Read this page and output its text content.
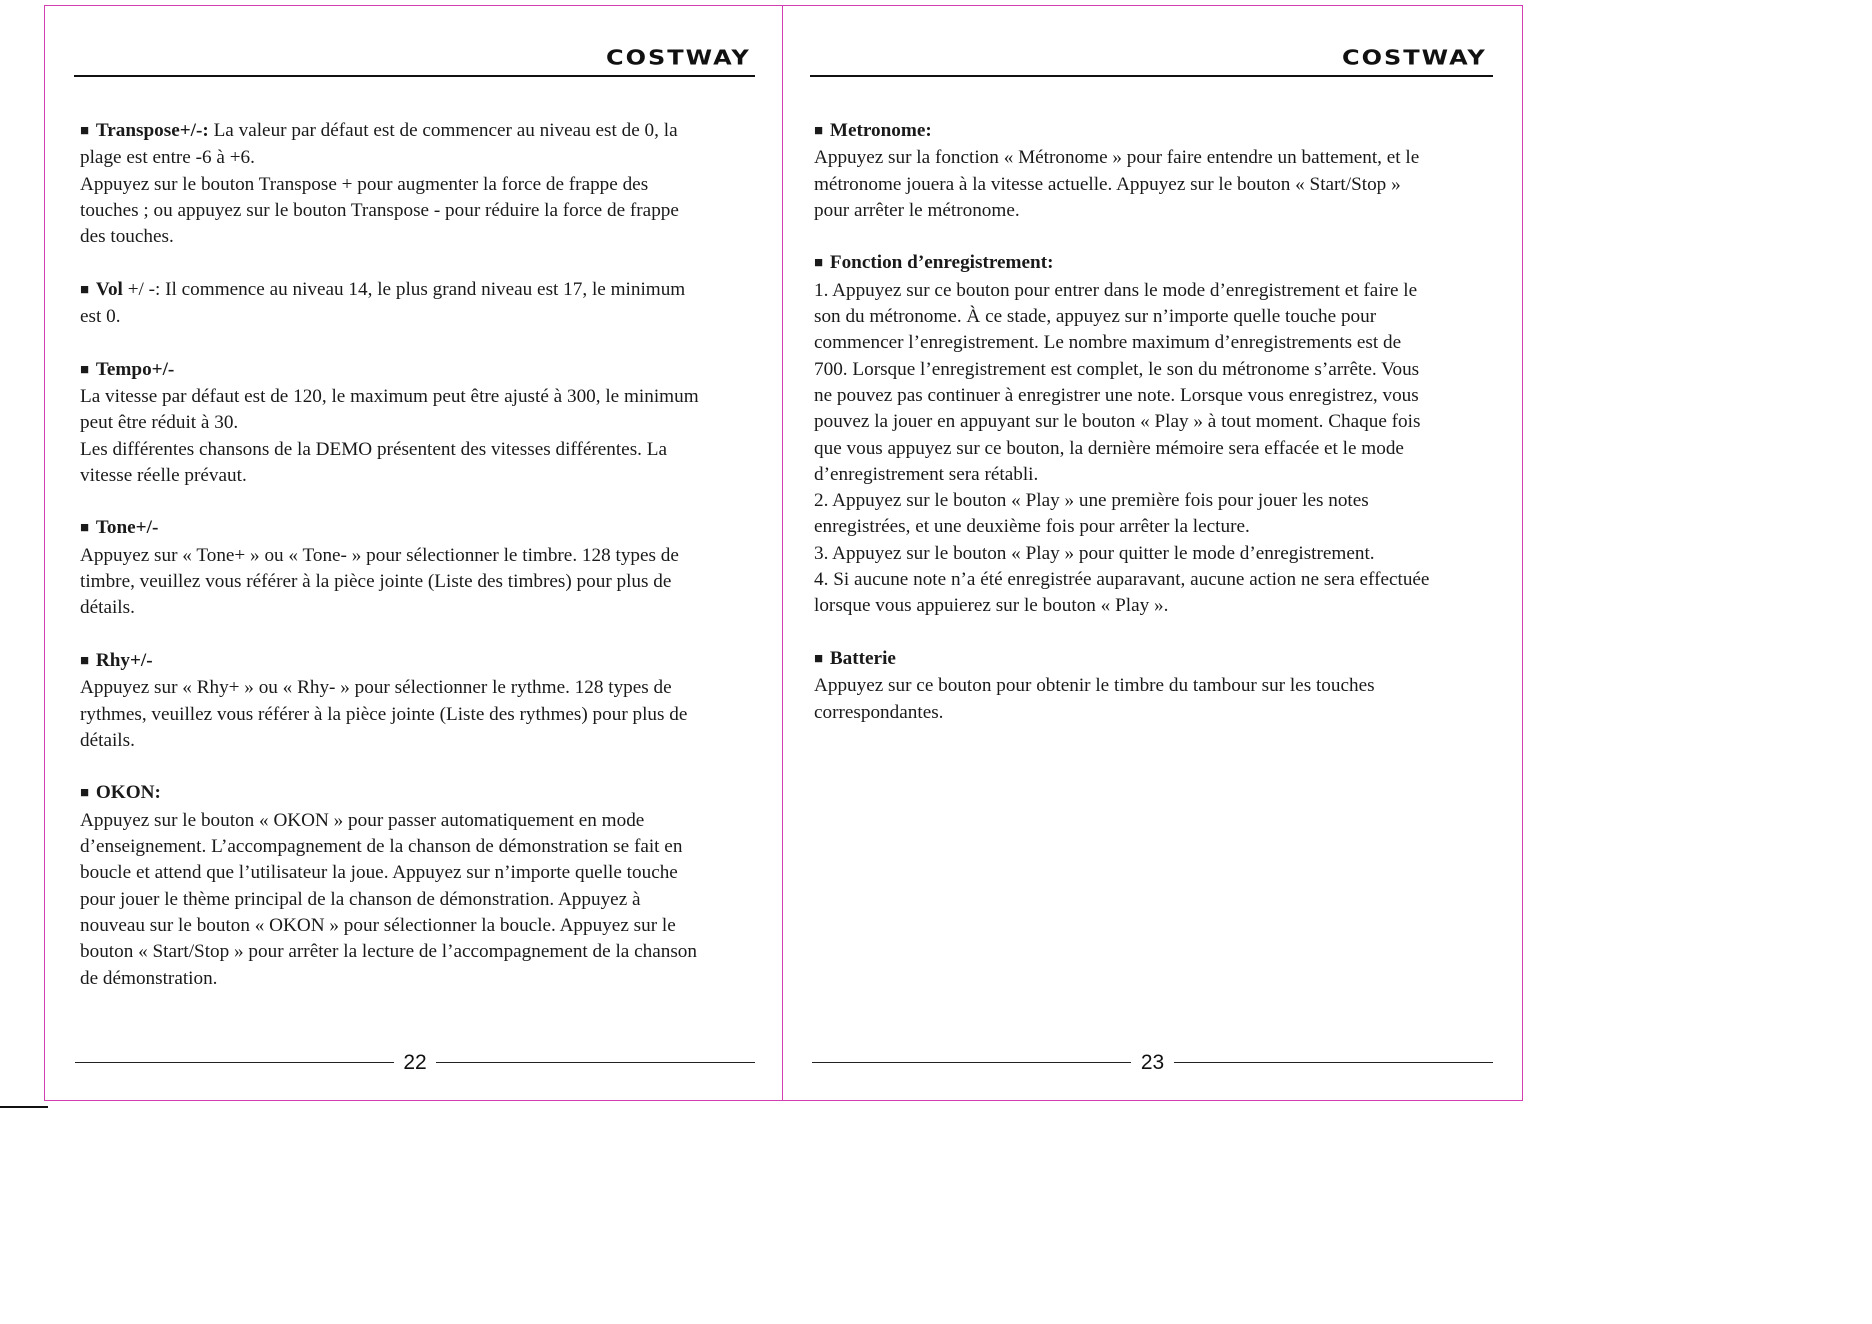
COSTWAY
■ Transpose+/-: La valeur par défaut est de commencer au niveau est de 0, la
plage est entre -6 à +6.
Appuyez sur le bouton Transpose + pour augmenter la force de frappe des
touches ; ou appuyez sur le bouton Transpose - pour réduire la force de frappe
des touches.
■ Vol +/ -: Il commence au niveau 14, le plus grand niveau est 17, le minimum
est 0.
■ Tempo+/-
La vitesse par défaut est de 120, le maximum peut être ajusté à 300, le minimum
peut être réduit à 30.
Les différentes chansons de la DEMO présentent des vitesses différentes. La
vitesse réelle prévaut.
■ Tone+/-
Appuyez sur « Tone+ » ou « Tone- » pour sélectionner le timbre. 128 types de
timbre, veuillez vous référer à la pièce jointe (Liste des timbres) pour plus de
détails.
■ Rhy+/-
Appuyez sur « Rhy+ » ou « Rhy- » pour sélectionner le rythme. 128 types de
rythmes, veuillez vous référer à la pièce jointe (Liste des rythmes) pour plus de
détails.
■ OKON:
Appuyez sur le bouton « OKON » pour passer automatiquement en mode
d’enseignement. L’accompagnement de la chanson de démonstration se fait en
boucle et attend que l’utilisateur la joue. Appuyez sur n’importe quelle touche
pour jouer le thème principal de la chanson de démonstration. Appuyez à
nouveau sur le bouton « OKON » pour sélectionner la boucle. Appuyez sur le
bouton « Start/Stop » pour arrêter la lecture de l’accompagnement de la chanson
de démonstration.
22
COSTWAY
■ Metronome:
Appuyez sur la fonction « Métronome » pour faire entendre un battement, et le
métronome jouera à la vitesse actuelle. Appuyez sur le bouton « Start/Stop »
pour arrêter le métronome.
■ Fonction d’enregistrement:
1. Appuyez sur ce bouton pour entrer dans le mode d’enregistrement et faire le
son du métronome. À ce stade, appuyez sur n’importe quelle touche pour
commencer l’enregistrement. Le nombre maximum d’enregistrements est de
700. Lorsque l’enregistrement est complet, le son du métronome s’arrête. Vous
ne pouvez pas continuer à enregistrer une note. Lorsque vous enregistrez, vous
pouvez la jouer en appuyant sur le bouton « Play » à tout moment. Chaque fois
que vous appuyez sur ce bouton, la dernière mémoire sera effacée et le mode
d’enregistrement sera rétabli.
2. Appuyez sur le bouton « Play » une première fois pour jouer les notes
enregistrées, et une deuxième fois pour arrêter la lecture.
3. Appuyez sur le bouton « Play » pour quitter le mode d’enregistrement.
4. Si aucune note n’a été enregistrée auparavant, aucune action ne sera effectuée
lorsque vous appuierez sur le bouton « Play ».
■ Batterie
Appuyez sur ce bouton pour obtenir le timbre du tambour sur les touches
correspondantes.
23
